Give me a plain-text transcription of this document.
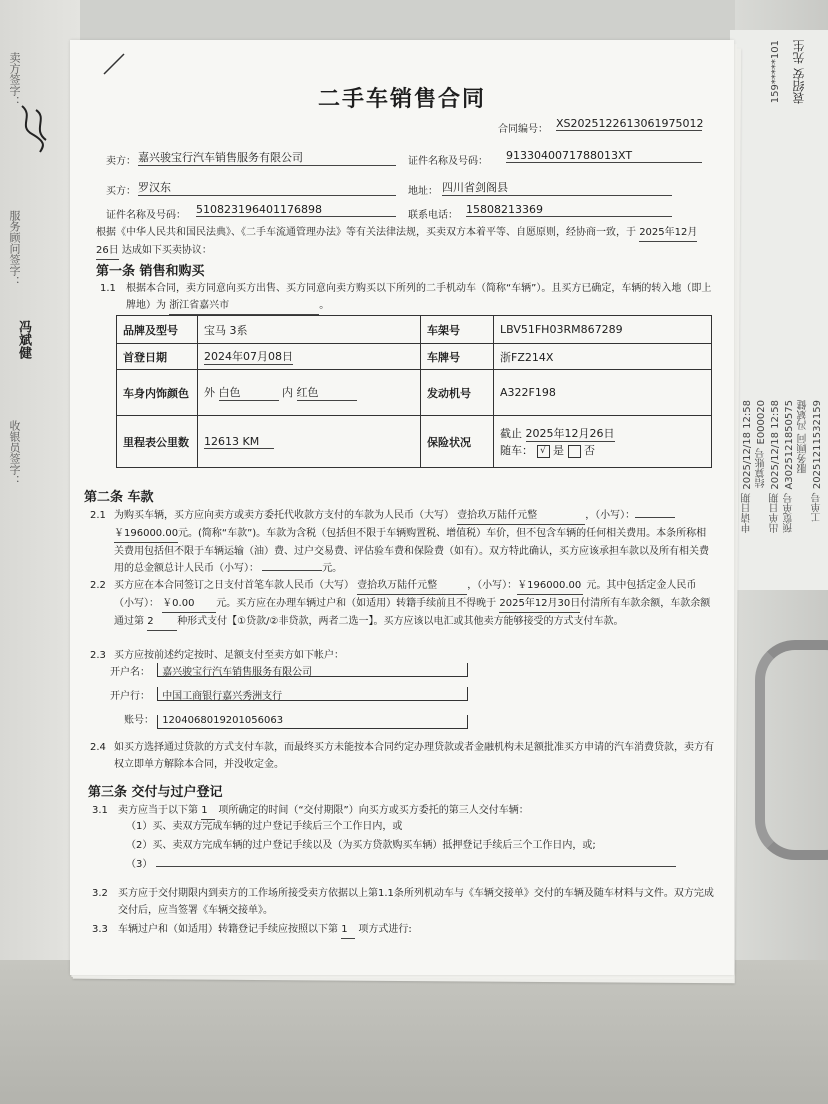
卖方签字：
服务顾问签字：
冯斌健
收银员签字：
袁绍安 先生
159*****101
工单号 20251211532159
服务顾问 冯斌健
预览单号 A3025121850575
出单日期 2025/12/18 12:58
结算账号 E000020
申请日期 2025/12/18 12:58
二手车销售合同
合同编号： XS2025122613061975012
卖方： 嘉兴骏宝行汽车销售服务有限公司	证件名称及号码： 9133040071788013XT
买方： 罗汉东	地址： 四川省剑阁县
证件名称及号码： 510823196401176898	联系电话： 15808213369
根据《中华人民共和国民法典》、《二手车流通管理办法》等有关法律法规，买卖双方本着平等、自愿原则，经协商一致，于 2025年12月
26日 达成如下买卖协议：
第一条 销售和购买
1.1	根据本合同，卖方同意向买方出售、买方同意向卖方购买以下所列的二手机动车（简称“车辆”）。且买方已确定，车辆的转入地（即上牌地）为 浙江省嘉兴市	。
品牌及型号	宝马 3系	车架号	LBV51FH03RM867289
首登日期	2024年07月08日	车牌号	浙FZ214X
车身内饰颜色	外 白色 内 红色	发动机号	A322F198
里程表公里数	12613 KM	保险状况	截止 2025年12月26日
随车： √ 是 否
第二条 车款
2.1 为购买车辆，买方应向卖方或卖方委托代收款方支付的车款为人民币（大写） 壹拾玖万陆仟元整	，（小写）：
￥196000.00元。(简称“车款”)。车款为含税（包括但不限于车辆购置税、增值税）车价，但不包含车辆的任何相关费用。本条所称相关费用包括但不限于车辆运输（油）费、过户交易费、评估验车费和保险费（如有）。双方特此确认，买方应该承担车款以及所有相关费用的总金额总计人民币（小写）：	元。
2.2 买方应在本合同签订之日支付首笔车款人民币（大写） 壹拾玖万陆仟元整	，（小写）：￥196000.00 元。其中包括定金人民币（小写）： ￥0.00 元。买方应在办理车辆过户和（如适用）转籍手续前且不得晚于 2025年12月30日付清所有车款余额，车款余额通过第 2 种形式支付【①贷款/②非贷款，两者二选一】。买方应该以电汇或其他卖方能够接受的方式支付车款。
2.3 买方应按前述约定按时、足额支付至卖方如下帐户：
开户名： 嘉兴骏宝行汽车销售服务有限公司
开户行： 中国工商银行嘉兴秀洲支行
账号： 1204068019201056063
2.4 如买方选择通过贷款的方式支付车款，而最终买方未能按本合同约定办理贷款或者金融机构未足额批准买方申请的汽车消费贷款，卖方有权立即单方解除本合同，并没收定金。
第三条 交付与过户登记
3.1	卖方应当于以下第 1 项所确定的时间（“交付期限”）向买方或买方委托的第三人交付车辆：
（1）买、卖双方完成车辆的过户登记手续后三个工作日内，或
（2）买、卖双方完成车辆的过户登记手续以及（为买方贷款购买车辆）抵押登记手续后三个工作日内，或;
（3）
3.2	买方应于交付期限内到卖方的工作场所接受卖方依据以上第1.1条所列机动车与《车辆交接单》交付的车辆及随车材料与文件。双方完成交付后，应当签署《车辆交接单》。
3.3	车辆过户和（如适用）转籍登记手续应按照以下第 1 项方式进行:
